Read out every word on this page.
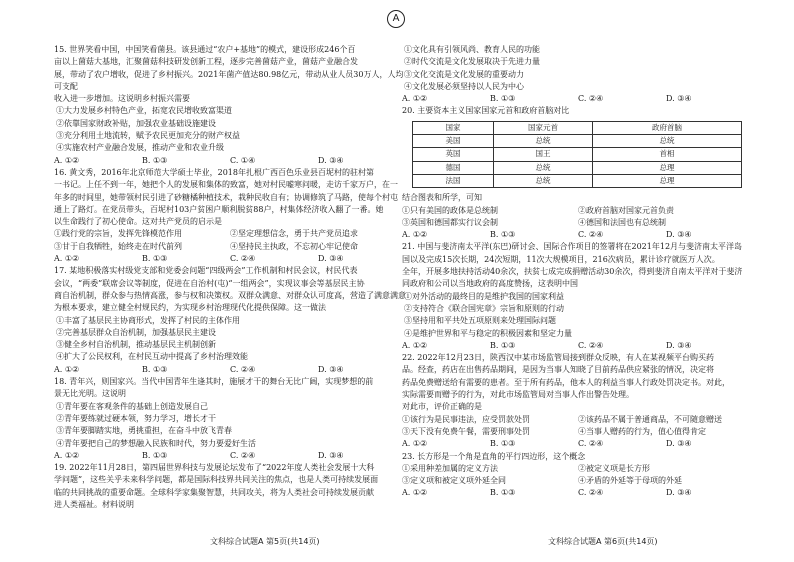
A

15. 世界笑看中国，中国笑看菌县。该县通过“农户+基地”的模式，建设形成246个百

亩以上菌菇大基地，汇聚菌菇科技研发创新工程，逐步完善菌菇产业，菌菇产业融合发

展，带动了农户增收，促进了乡村振兴。2021年菌产值达80.98亿元，带动从业人员30万人，人均可支配

收入进一步增加。这说明乡村振兴需要

①大力发展乡村特色产业，拓宽农民增收致富渠道

②依靠国家财政补贴，加强农业基础设施建设

③充分利用土地流转，赋予农民更加充分的财产权益

④实施农村产业融合发展，推动产业和农业升级

A. ①②	B. ①③	C. ①④	D. ③④

16. 黄文秀，2016年北京师范大学硕士毕业，2018年扎根广西百色乐业县百坭村的驻村第

一书记。上任不到一年，她把个人的发展和集体的致富，她对村民嘘寒问暖，走访千家万户，在一

年多的时间里，她带领村民引进了砂糖橘种植技术，栽种民收自有；协调修筑了马路，使每个村屯

通上了路灯。在党员带头，百坭村103户贫困户顺利脱贫88户，村集体经济收入翻了一番。她

以生命践行了初心使命。这对共产党员的启示是

①践行党的宗旨，发挥先锋模范作用	②坚定理想信念，勇于共产党员追求
③甘于自我牺牲，始终走在时代前列	④坚持民主执政，不忘初心牢记使命
A. ①②	B. ①③	C. ②④	D. ③④

17. 某地积极落实村级党支部和党委会问题“四级两会”工作机制和村民会议，村民代表

会议，“两委”联席会议等制度，促进在自治村(屯)“一组两会”，实现议事会等基层民主协

商自治机制，群众参与热情高涨，参与权和决策权。双群众满意、对群众认可度高，营造了满意满意

为根本要求，建立健全村规民约，为实现乡村治理现代化提供保障。这一做法

①丰富了基层民主协商形式，发挥了村民的主体作用

②完善基层群众自治机制，加强基层民主建设

③健全乡村自治机制，推动基层民主机制创新

④扩大了公民权利，在村民互动中提高了乡村治理效能

A. ①②	B. ①③	C. ②④	D. ③④

18. 青年兴，则国家兴。当代中国青年生逢其时，施展才干的舞台无比广阔，实现梦想的前

景无比光明。这说明

①青年要在客观条件的基础上创造发展自己

②青年要练就过硬本领，努力学习，增长才干

③青年要脚踏实地，勇挑重担，在奋斗中放飞青春

④青年要把自己的梦想融入民族和时代，努力要爱好生活

A. ①②	B. ①③	C. ②④	D. ③④

19. 2022年11月28日，第四届世界科技与发展论坛发布了“2022年度人类社会发展十大科

学问题”，这些关乎未来科学问题，都是国际科技界共同关注的焦点，也是人类可持续发展面

临的共同挑战的重要命题。全球科学家集聚智慧，共同攻关，将为人类社会可持续发展贡献

进人类福祉。材料说明

文科综合试题A 第5页(共14页)

①文化具有引领风尚、教育人民的功能

②时代交流是文化发展取决于先进力量

③文化交流是文化发展的重要动力

④文化发展必须坚持以人民为中心

A. ①②	B. ①③	C. ②④	D. ③④

20. 主要资本主义国家国家元首和政府首脑对比

国家	国家元首	政府首脑
美国	总统	总统
英国	国王	首相
德国	总统	总理
法国	总统	总理

结合图表和所学，可知

①只有美国的政体是总统制	②政府首脑对国家元首负责
③英国和德国都实行议会制	④德国和法国也有总统制
A. ①②	B. ①③	C. ②④	D. ③④

21. 中国与斐济南太平洋(东巴)研讨会、国际合作项目的签署将在2021年12月与斐济南太平洋岛

国以及完成15次长期，24次短期，11次大规模项目，216次病员，累计诊疗就医万人次。

全年，开展多地扶持活动40余次，扶贫七成完成捐赠活动30余次，得到斐济自南太平洋对于斐济

同政府和公司以当地政府的高度赞扬，这表明中国

①对外活动的最终目的是维护我国的国家利益

②支持符合《联合国宪章》宗旨和原则的行动

③坚持用和平共处五项原则来处理国际问题

④是维护世界和平与稳定的积极因素和坚定力量

A. ①②	B. ①③	C. ②④	D. ③④

22. 2022年12月23日，陕西汉中某市场监管局接到群众反映，有人在某视频平台购买药

品。经查，药店在出售药品期间，是因为当事人知晓了目前药品供应紧张的情况，决定将

药品免费赠送给有需要的患者。至于所有药品，他本人的利益当事人行政处罚决定书。对此，

实际需要而赠予的行为，对此市场监管局对当事人作出警告处理。

对此市，评价正确的是

①该行为是民事违法，应受罚款处罚	②该药品不属于普通商品，不可随意赠送
③天下没有免费午餐，需要刑事处罚	④当事人赠药的行为，值心值得肯定
A. ①②	B. ①③	C. ②④	D. ③④

23. 长方形是一个角是直角的平行四边形，这个概念

①采用种差加属的定义方法	②被定义项是长方形
③定义项和被定义项外延全同	④矛盾的外延等于母项的外延
A. ①②	B. ①③	C. ②④	D. ③④
文科综合试题A 第6页(共14页)
